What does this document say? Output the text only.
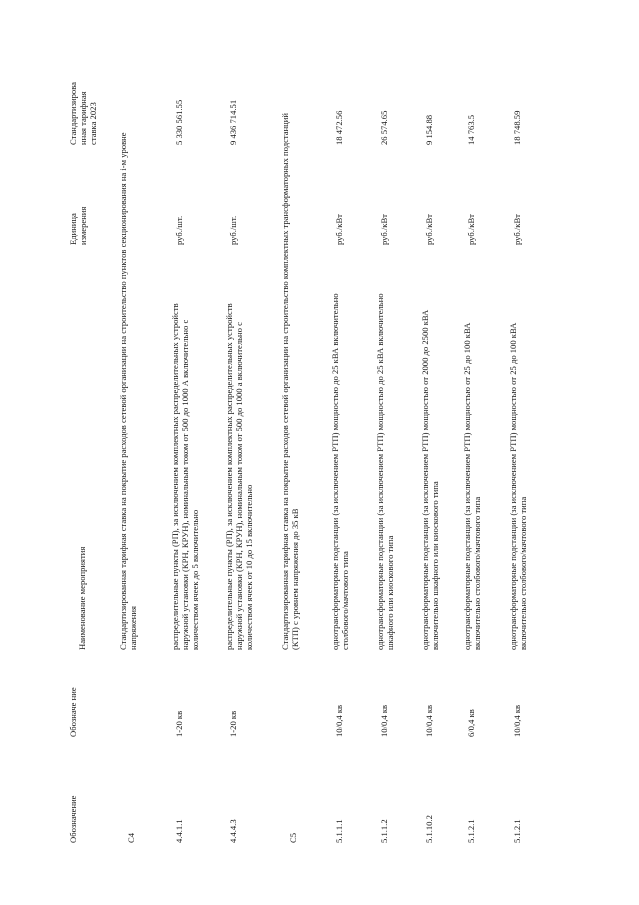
Обозначение
Обозначе ние
Наименование мероприятия
Единица измерения
Стандартизирова нная тарифная ставка 2023
С4
Стандартизированная тарифная ставка на покрытие расходов сетевой организации на строительство пунктов секционирования на i-м уровне напряжения
4.4.1.1
1-20 кв
распределительные пункты (РП), за исключением комплектных распределительных устройств наружной установки (КРН, КРУН), номинальным током от 500 до 1000 А включительно с количеством ячеек до 5 включительно
руб./шт.
5 330 561.55
4.4.4.3
1-20 кв
распределительные пункты (РП), за исключением комплектных распределительных устройств наружной установки (КРН, КРУН), номинальным током от 500 до 1000 а включительно с количеством ячеек от 10 до 15 включительно
руб./шт.
9 436 714.51
С5
Стандартизированная тарифная ставка на покрытие расходов сетевой организации на строительство комплектных трансформаторных подстанций (КТП) с уровнем напряжения до 35 кВ
5.1.1.1
10/0,4 кв
однотрансформаторные подстанции (за исключением РТП) мощностью до 25 кВА включительно столбового/мачтового типа
руб./кВт
18 472.56
5.1.1.2
10/0,4 кв
однотрансформаторные подстанции (за исключением РТП) мощностью до 25 кВА включительно шкафного или киоскового типа
руб./кВт
26 574.65
5.1.10.2
10/0,4 кв
однотрансформаторные подстанции (за исключением РТП) мощностью от 2000 до 2500 кВА включительно шкафного или киоскового типа
руб./кВт
9 154.88
5.1.2.1
6/0,4 кв
однотрансформаторные подстанции (за исключением РТП) мощностью от 25 до 100 кВА включительно столбового/мачтового типа
руб./кВт
14 763.5
5.1.2.1
10/0,4 кв
однотрансформаторные подстанции (за исключением РТП) мощностью от 25 до 100 кВА включительно столбового/мачтового типа
руб./кВт
18 748.59
